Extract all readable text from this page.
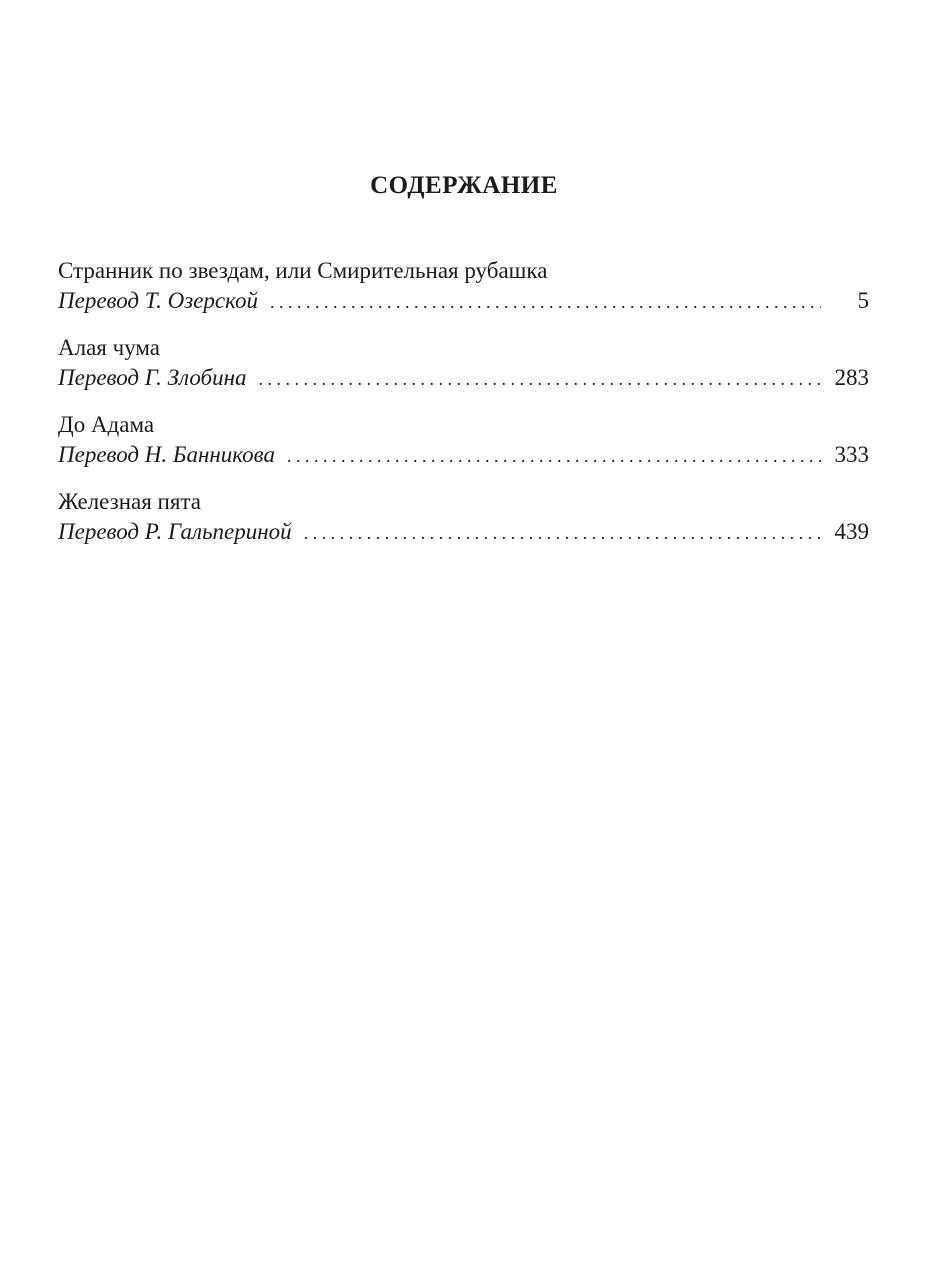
СОДЕРЖАНИЕ
Странник по звездам, или Смирительная рубашка
Перевод Т. Озерской . . .	5
Алая чума
Перевод Г. Злобина . . .	283
До Адама
Перевод Н. Банникова . . .	333
Железная пята
Перевод Р. Гальпериной . . .	439
